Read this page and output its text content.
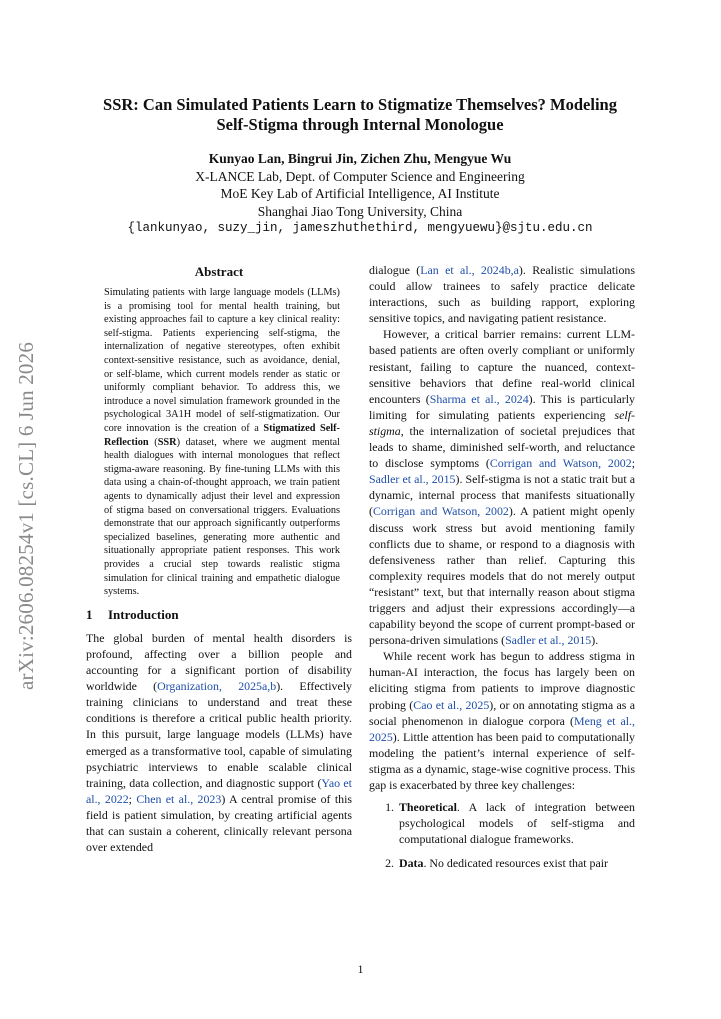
arXiv:2606.08254v1 [cs.CL] 6 Jun 2026
SSR: Can Simulated Patients Learn to Stigmatize Themselves? Modeling
Self-Stigma through Internal Monologue
Kunyao Lan, Bingrui Jin, Zichen Zhu, Mengyue Wu
X-LANCE Lab, Dept. of Computer Science and Engineering
MoE Key Lab of Artificial Intelligence, AI Institute
Shanghai Jiao Tong University, China
{lankunyao, suzy_jin, jameszhuthethird, mengyuewu}@sjtu.edu.cn
Abstract

Simulating patients with large language models (LLMs) is a promising tool for mental health training, but existing approaches fail to capture a key clinical reality: self-stigma. Patients experiencing self-stigma, the internalization of negative stereotypes, often exhibit context-sensitive resistance, such as avoidance, denial, or self-blame, which current models render as static or uniformly compliant behavior. To address this, we introduce a novel simulation framework grounded in the psychological 3A1H model of self-stigmatization. Our core innovation is the creation of a Stigmatized Self-Reflection (SSR) dataset, where we augment mental health dialogues with internal monologues that reflect stigma-aware reasoning. By fine-tuning LLMs with this data using a chain-of-thought approach, we train patient agents to dynamically adjust their level and expression of stigma based on conversational triggers. Evaluations demonstrate that our approach significantly outperforms specialized baselines, generating more authentic and situationally appropriate patient responses. This work provides a crucial step towards realistic stigma simulation for clinical training and empathetic dialogue systems.

1 Introduction

The global burden of mental health disorders is profound, affecting over a billion people and accounting for a significant portion of disability worldwide (Organization, 2025a,b). Effectively training clinicians to understand and treat these conditions is therefore a critical public health priority. In this pursuit, large language models (LLMs) have emerged as a transformative tool, capable of simulating psychiatric interviews to enable scalable clinical training, data collection, and diagnostic support (Yao et al., 2022; Chen et al., 2023) A central promise of this field is patient simulation, by creating artificial agents that can sustain a coherent, clinically relevant persona over extended

dialogue (Lan et al., 2024b,a). Realistic simulations could allow trainees to safely practice delicate interactions, such as building rapport, exploring sensitive topics, and navigating patient resistance.

However, a critical barrier remains: current LLM-based patients are often overly compliant or uniformly resistant, failing to capture the nuanced, context-sensitive behaviors that define real-world clinical encounters (Sharma et al., 2024). This is particularly limiting for simulating patients experiencing self-stigma, the internalization of societal prejudices that leads to shame, diminished self-worth, and reluctance to disclose symptoms (Corrigan and Watson, 2002; Sadler et al., 2015). Self-stigma is not a static trait but a dynamic, internal process that manifests situationally (Corrigan and Watson, 2002). A patient might openly discuss work stress but avoid mentioning family conflicts due to shame, or respond to a diagnosis with defensiveness rather than relief. Capturing this complexity requires models that do not merely output “resistant” text, but that internally reason about stigma triggers and adjust their expressions accordingly—a capability beyond the scope of current prompt-based or persona-driven simulations (Sadler et al., 2015).

While recent work has begun to address stigma in human-AI interaction, the focus has largely been on eliciting stigma from patients to improve diagnostic probing (Cao et al., 2025), or on annotating stigma as a social phenomenon in dialogue corpora (Meng et al., 2025). Little attention has been paid to computationally modeling the patient’s internal experience of self-stigma as a dynamic, stage-wise cognitive process. This gap is exacerbated by three key challenges:

1. Theoretical. A lack of integration between psychological models of self-stigma and computational dialogue frameworks.
2. Data. No dedicated resources exist that pair
1
